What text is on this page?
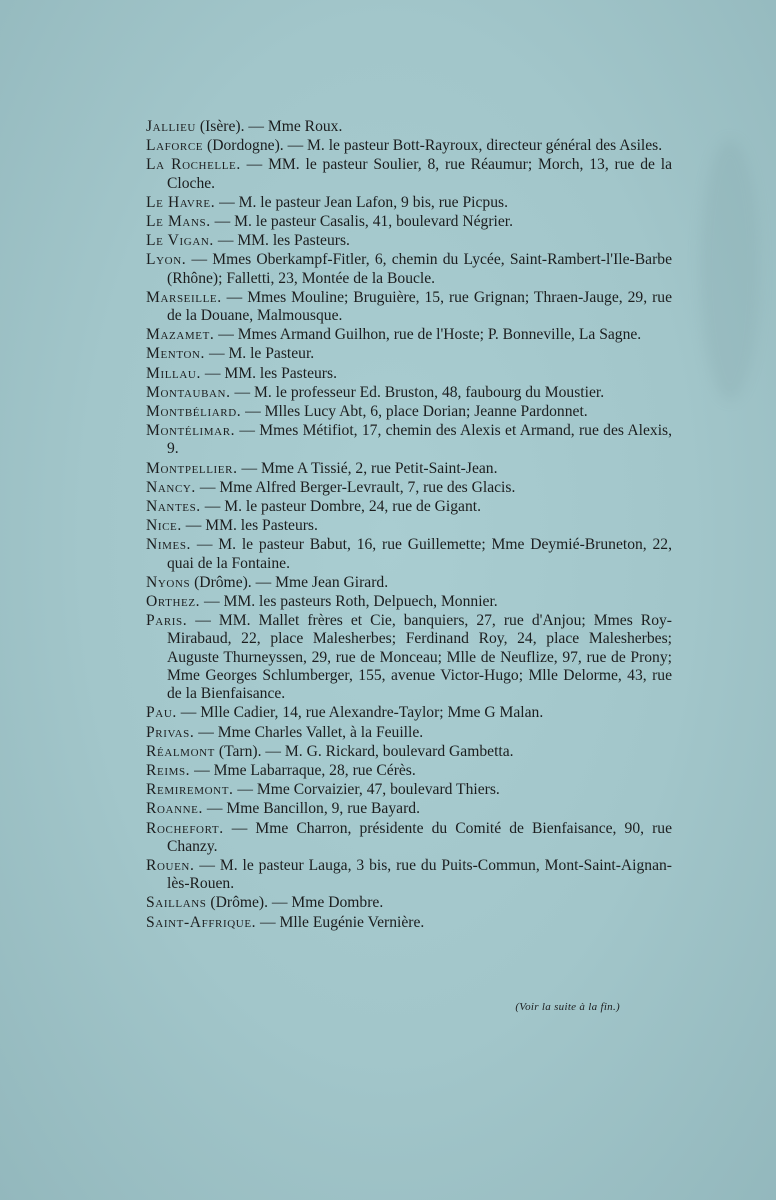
Jallieu (Isère). — Mme Roux.

Laforce (Dordogne). — M. le pasteur Bott-Rayroux, directeur général des Asiles.

La Rochelle. — MM. le pasteur Soulier, 8, rue Réaumur; Morch, 13, rue de la Cloche.

Le Havre. — M. le pasteur Jean Lafon, 9 bis, rue Picpus.

Le Mans. — M. le pasteur Casalis, 41, boulevard Négrier.

Le Vigan. — MM. les Pasteurs.

Lyon. — Mmes Oberkampf-Fitler, 6, chemin du Lycée, Saint-Rambert-l'Ile-Barbe (Rhône); Falletti, 23, Montée de la Boucle.

Marseille. — Mmes Mouline; Bruguière, 15, rue Grignan; Thraen-Jauge, 29, rue de la Douane, Malmousque.

Mazamet. — Mmes Armand Guilhon, rue de l'Hoste; P. Bonneville, La Sagne.

Menton. — M. le Pasteur.

Millau. — MM. les Pasteurs.

Montauban. — M. le professeur Ed. Bruston, 48, faubourg du Moustier.

Montbéliard. — Mlles Lucy Abt, 6, place Dorian; Jeanne Pardonnet.

Montélimar. — Mmes Métifiot, 17, chemin des Alexis et Armand, rue des Alexis, 9.

Montpellier. — Mme A Tissié, 2, rue Petit-Saint-Jean.

Nancy. — Mme Alfred Berger-Levrault, 7, rue des Glacis.

Nantes. — M. le pasteur Dombre, 24, rue de Gigant.

Nice. — MM. les Pasteurs.

Nimes. — M. le pasteur Babut, 16, rue Guillemette; Mme Deymié-Bruneton, 22, quai de la Fontaine.

Nyons (Drôme). — Mme Jean Girard.

Orthez. — MM. les pasteurs Roth, Delpuech, Monnier.

Paris. — MM. Mallet frères et Cie, banquiers, 27, rue d'Anjou; Mmes Roy-Mirabaud, 22, place Malesherbes; Ferdinand Roy, 24, place Malesherbes; Auguste Thurneyssen, 29, rue de Monceau; Mlle de Neuflize, 97, rue de Prony; Mme Georges Schlumberger, 155, avenue Victor-Hugo; Mlle Delorme, 43, rue de la Bienfaisance.

Pau. — Mlle Cadier, 14, rue Alexandre-Taylor; Mme G Malan.

Privas. — Mme Charles Vallet, à la Feuille.

Réalmont (Tarn). — M. G. Rickard, boulevard Gambetta.

Reims. — Mme Labarraque, 28, rue Cérès.

Remiremont. — Mme Corvaizier, 47, boulevard Thiers.

Roanne. — Mme Bancillon, 9, rue Bayard.

Rochefort. — Mme Charron, présidente du Comité de Bienfaisance, 90, rue Chanzy.

Rouen. — M. le pasteur Lauga, 3 bis, rue du Puits-Commun, Mont-Saint-Aignan-lès-Rouen.

Saillans (Drôme). — Mme Dombre.

Saint-Affrique. — Mlle Eugénie Vernière.

(Voir la suite à la fin.)
